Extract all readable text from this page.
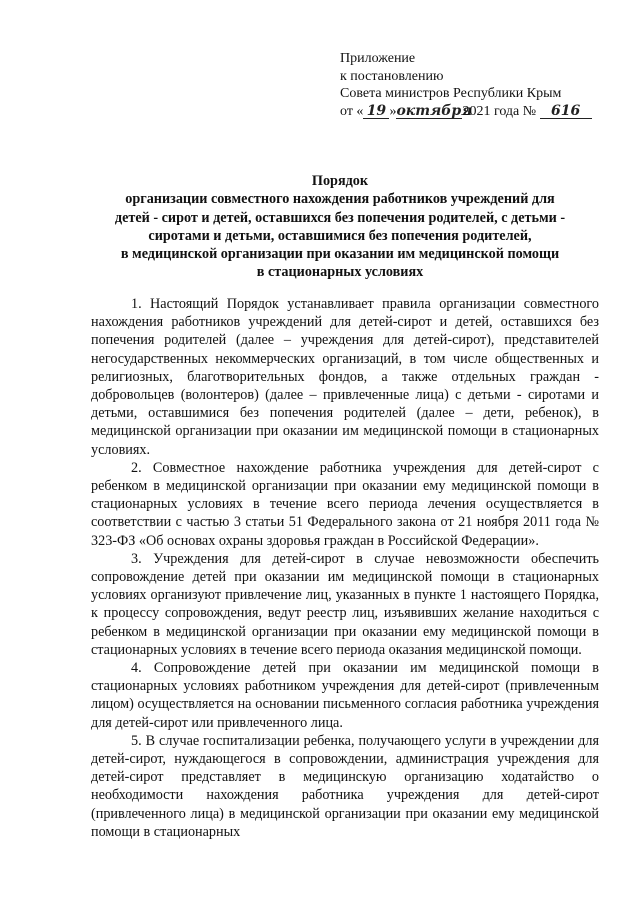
Приложение
к постановлению
Совета министров Республики Крым
от « 19 »октября2021 года № 616
Порядок
организации совместного нахождения работников учреждений для
детей - сирот и детей, оставшихся без попечения родителей, с детьми -
сиротами и детьми, оставшимися без попечения родителей,
в медицинской организации при оказании им медицинской помощи
в стационарных условиях

1. Настоящий Порядок устанавливает правила организации совместного нахождения работников учреждений для детей-сирот и детей, оставшихся без попечения родителей (далее – учреждения для детей-сирот), представителей негосударственных некоммерческих организаций, в том числе общественных и религиозных, благотворительных фондов, а также отдельных граждан - добровольцев (волонтеров) (далее – привлеченные лица) с детьми - сиротами и детьми, оставшимися без попечения родителей (далее – дети, ребенок), в медицинской организации при оказании им медицинской помощи в стационарных условиях.

2. Совместное нахождение работника учреждения для детей-сирот с ребенком в медицинской организации при оказании ему медицинской помощи в стационарных условиях в течение всего периода лечения осуществляется в соответствии с частью 3 статьи 51 Федерального закона от 21 ноября 2011 года № 323-ФЗ «Об основах охраны здоровья граждан в Российской Федерации».

3. Учреждения для детей-сирот в случае невозможности обеспечить сопровождение детей при оказании им медицинской помощи в стационарных условиях организуют привлечение лиц, указанных в пункте 1 настоящего Порядка, к процессу сопровождения, ведут реестр лиц, изъявивших желание находиться с ребенком в медицинской организации при оказании ему медицинской помощи в стационарных условиях в течение всего периода оказания медицинской помощи.

4. Сопровождение детей при оказании им медицинской помощи в стационарных условиях работником учреждения для детей-сирот (привлеченным лицом) осуществляется на основании письменного согласия работника учреждения для детей-сирот или привлеченного лица.

5. В случае госпитализации ребенка, получающего услуги в учреждении для детей-сирот, нуждающегося в сопровождении, администрация учреждения для детей-сирот представляет в медицинскую организацию ходатайство о необходимости нахождения работника учреждения для детей-сирот (привлеченного лица) в медицинской организации при оказании ему медицинской помощи в стационарных
